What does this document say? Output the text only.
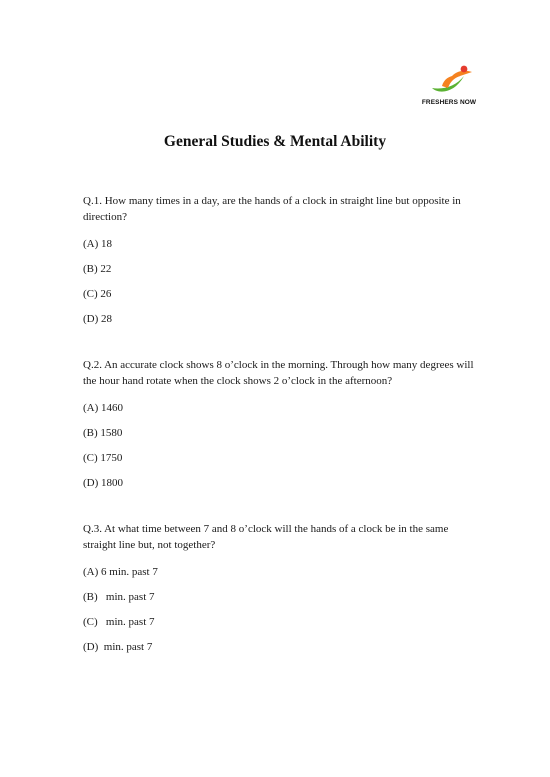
FRESHERS NOW
General Studies & Mental Ability

Q.1. How many times in a day, are the hands of a clock in straight line but opposite in direction?

(A) 18

(B) 22

(C) 26

(D) 28

Q.2. An accurate clock shows 8 o’clock in the morning. Through how many degrees will the hour hand rotate when the clock shows 2 o’clock in the afternoon?

(A) 1460

(B) 1580

(C) 1750

(D) 1800

Q.3. At what time between 7 and 8 o’clock will the hands of a clock be in the same straight line but, not together?

(A) 6 min. past 7

(B)   min. past 7

(C)   min. past 7

(D)  min. past 7
